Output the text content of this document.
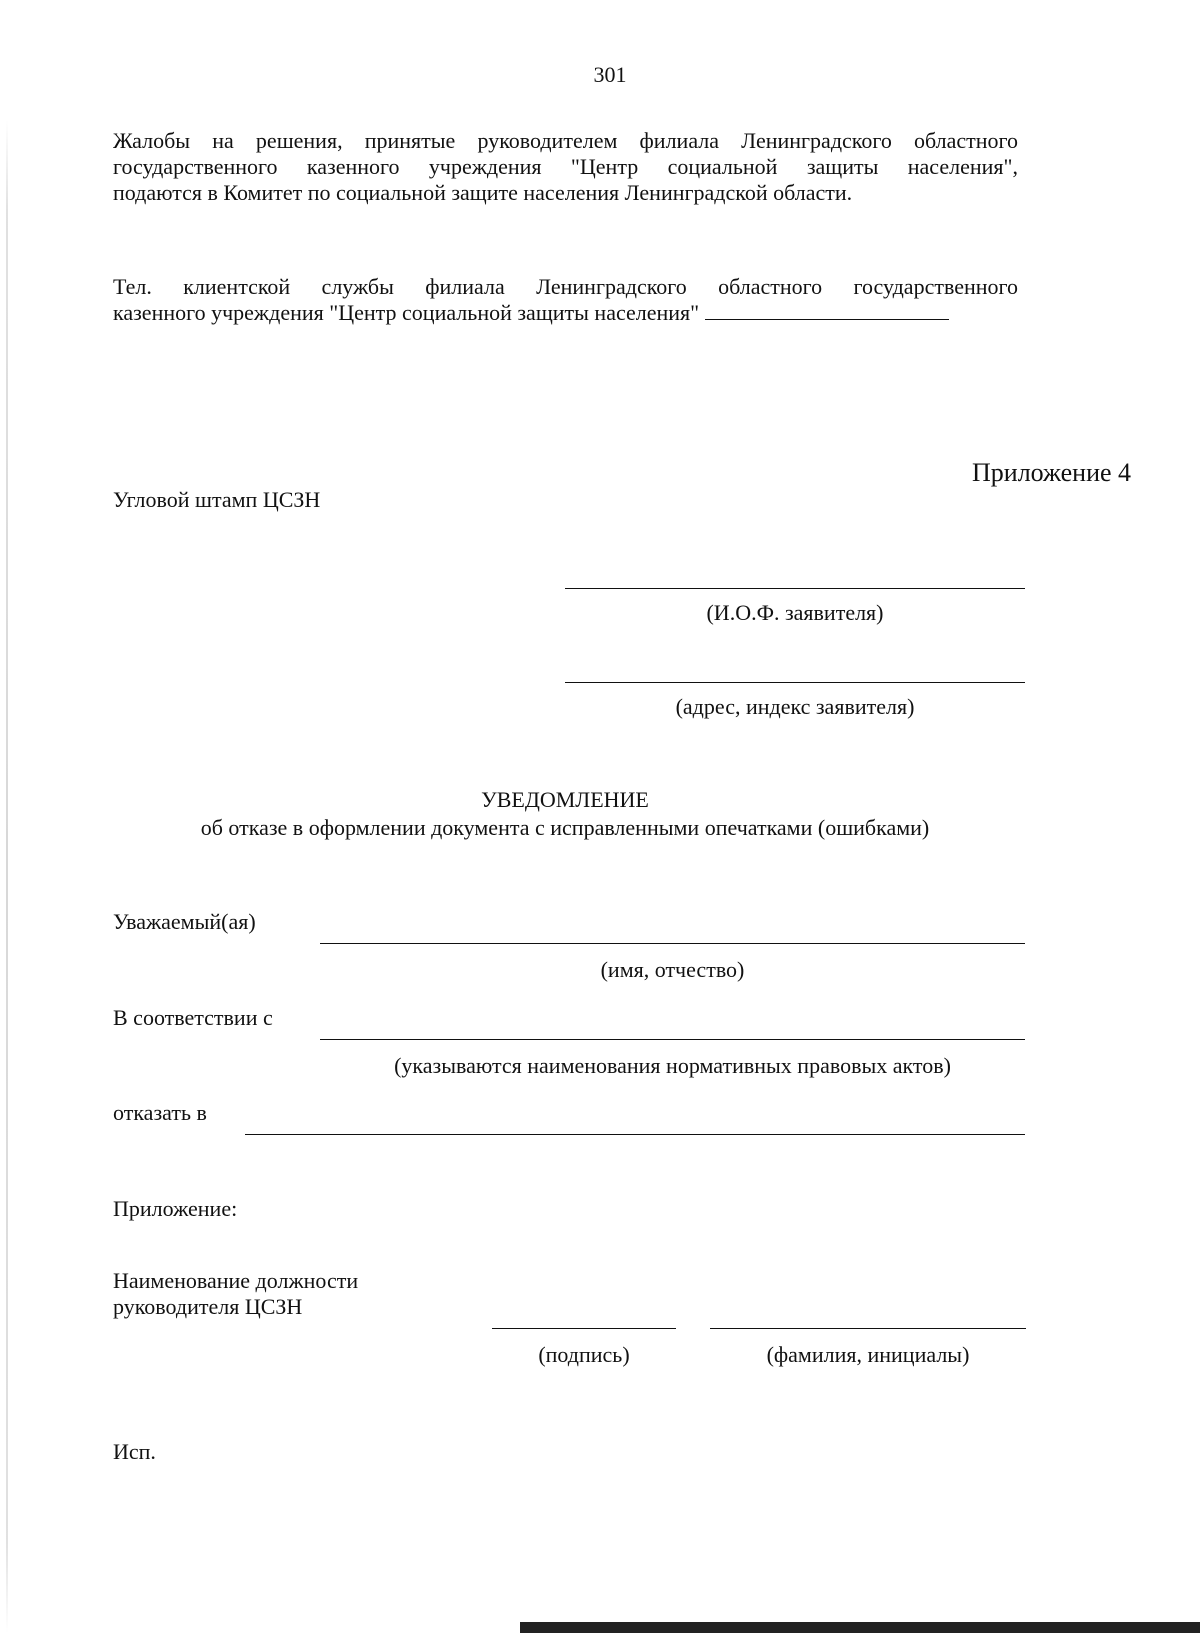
301
Жалобы на решения, принятые руководителем филиала Ленинградского областного
государственного казенного учреждения "Центр социальной защиты населения",
подаются в Комитет по социальной защите населения Ленинградской области.
Тел. клиентской службы филиала Ленинградского областного государственного
казенного учреждения "Центр социальной защиты населения"
Приложение 4
Угловой штамп ЦСЗН
(И.О.Ф. заявителя)
(адрес, индекс заявителя)
УВЕДОМЛЕНИЕ
об отказе в оформлении документа с исправленными опечатками (ошибками)
Уважаемый(ая)
(имя, отчество)
В соответствии с
(указываются наименования нормативных правовых актов)
отказать в
Приложение:
Наименование должности
руководителя ЦСЗН
(подпись)	(фамилия, инициалы)
Исп.
